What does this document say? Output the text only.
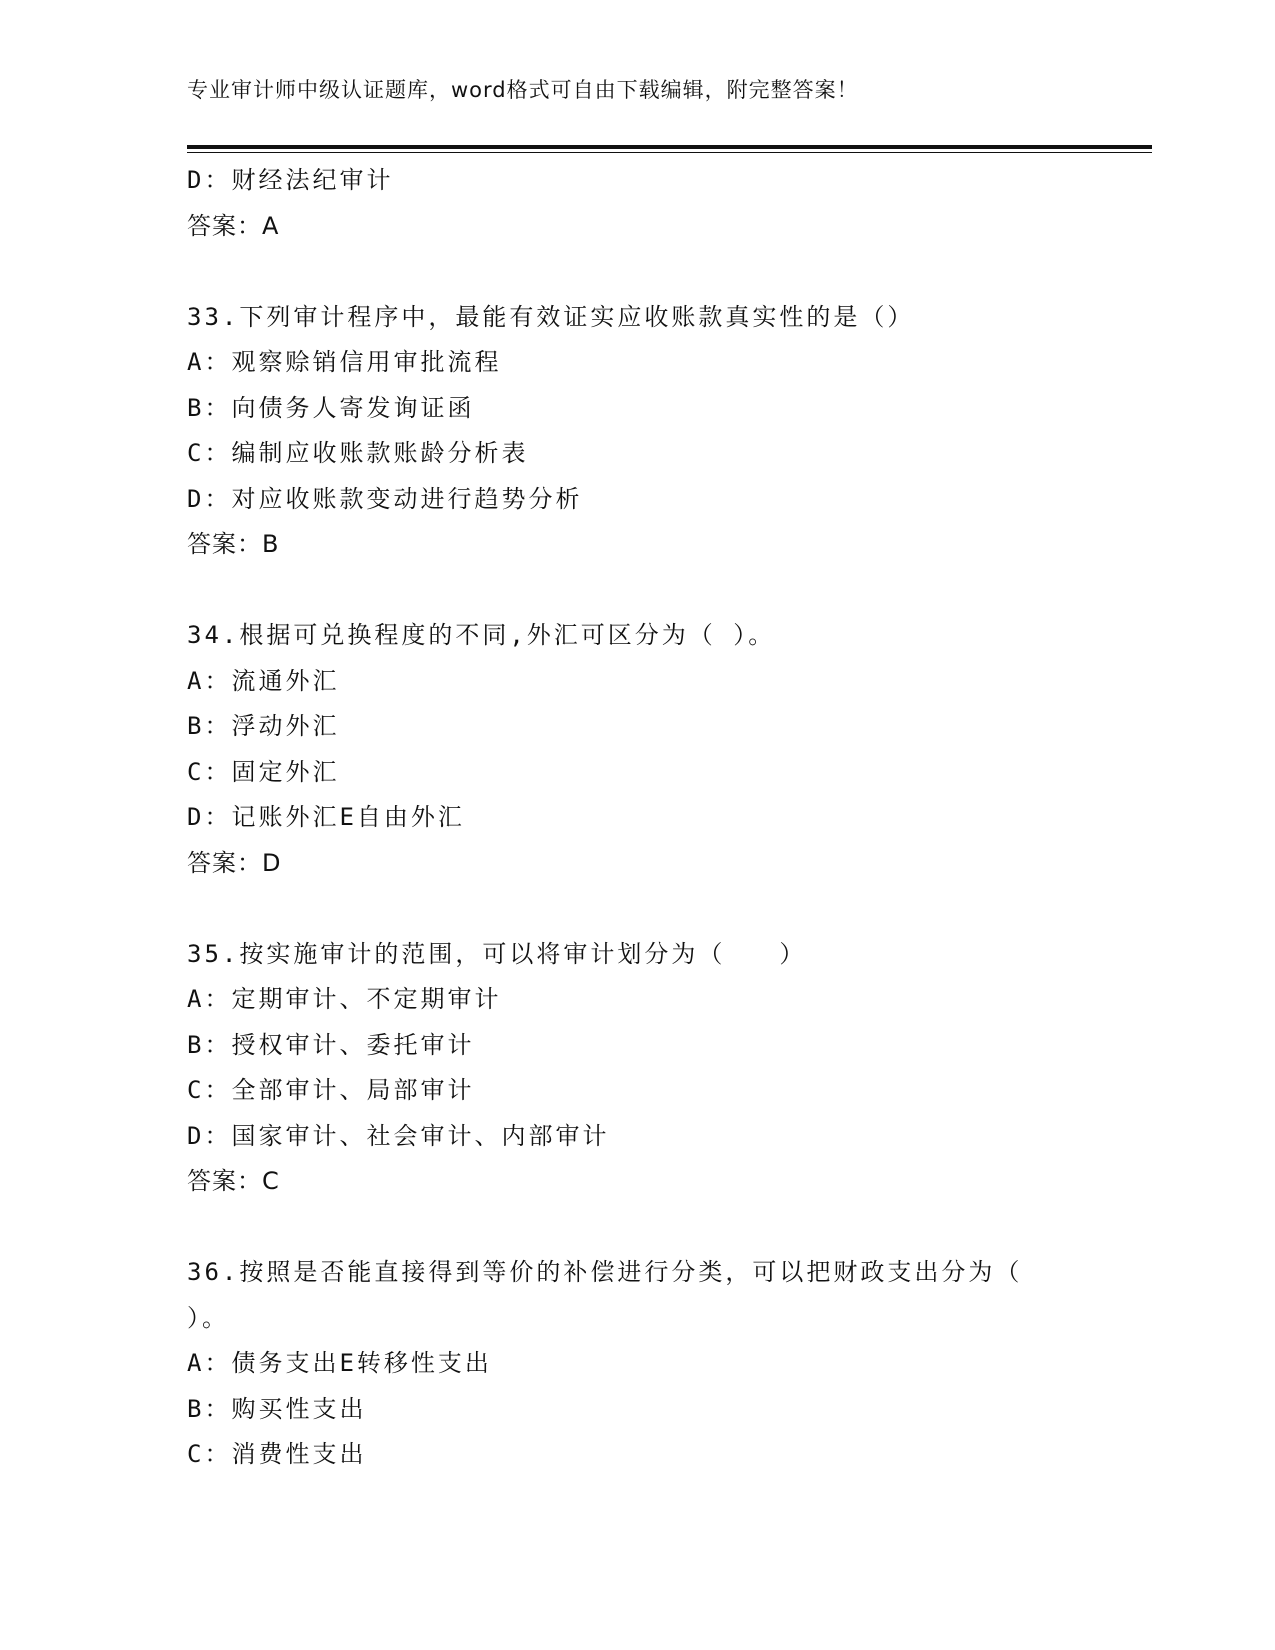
专业审计师中级认证题库，word格式可自由下载编辑，附完整答案！
D：财经法纪审计
答案：A
33.下列审计程序中，最能有效证实应收账款真实性的是（）
A：观察赊销信用审批流程
B：向债务人寄发询证函
C：编制应收账款账龄分析表
D：对应收账款变动进行趋势分析
答案：B
34.根据可兑换程度的不同,外汇可区分为（ ）。
A：流通外汇
B：浮动外汇
C：固定外汇
D：记账外汇E自由外汇
答案：D
35.按实施审计的范围，可以将审计划分为（　　）
A：定期审计、不定期审计
B：授权审计、委托审计
C：全部审计、局部审计
D：国家审计、社会审计、内部审计
答案：C
36.按照是否能直接得到等价的补偿进行分类，可以把财政支出分为（
）。
A：债务支出E转移性支出
B：购买性支出
C：消费性支出
